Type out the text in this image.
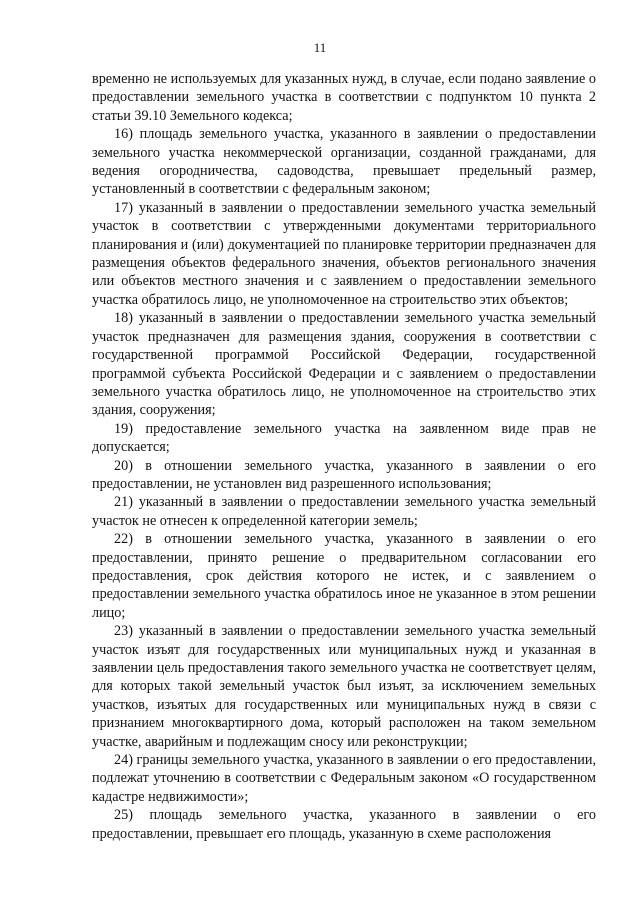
11

временно не используемых для указанных нужд, в случае, если подано заявление о предоставлении земельного участка в соответствии с подпунктом 10 пункта 2 статьи 39.10 Земельного кодекса;

16) площадь земельного участка, указанного в заявлении о предоставлении земельного участка некоммерческой организации, созданной гражданами, для ведения огородничества, садоводства, превышает предельный размер, установленный в соответствии с федеральным законом;

17) указанный в заявлении о предоставлении земельного участка земельный участок в соответствии с утвержденными документами территориального планирования и (или) документацией по планировке территории предназначен для размещения объектов федерального значения, объектов регионального значения или объектов местного значения и с заявлением о предоставлении земельного участка обратилось лицо, не уполномоченное на строительство этих объектов;

18) указанный в заявлении о предоставлении земельного участка земельный участок предназначен для размещения здания, сооружения в соответствии с государственной программой Российской Федерации, государственной программой субъекта Российской Федерации и с заявлением о предоставлении земельного участка обратилось лицо, не уполномоченное на строительство этих здания, сооружения;

19) предоставление земельного участка на заявленном виде прав не допускается;

20) в отношении земельного участка, указанного в заявлении о его предоставлении, не установлен вид разрешенного использования;

21) указанный в заявлении о предоставлении земельного участка земельный участок не отнесен к определенной категории земель;

22) в отношении земельного участка, указанного в заявлении о его предоставлении, принято решение о предварительном согласовании его предоставления, срок действия которого не истек, и с заявлением о предоставлении земельного участка обратилось иное не указанное в этом решении лицо;

23) указанный в заявлении о предоставлении земельного участка земельный участок изъят для государственных или муниципальных нужд и указанная в заявлении цель предоставления такого земельного участка не соответствует целям, для которых такой земельный участок был изъят, за исключением земельных участков, изъятых для государственных или муниципальных нужд в связи с признанием многоквартирного дома, который расположен на таком земельном участке, аварийным и подлежащим сносу или реконструкции;

24) границы земельного участка, указанного в заявлении о его предоставлении, подлежат уточнению в соответствии с Федеральным законом «О государственном кадастре недвижимости»;

25) площадь земельного участка, указанного в заявлении о его предоставлении, превышает его площадь, указанную в схеме расположения
